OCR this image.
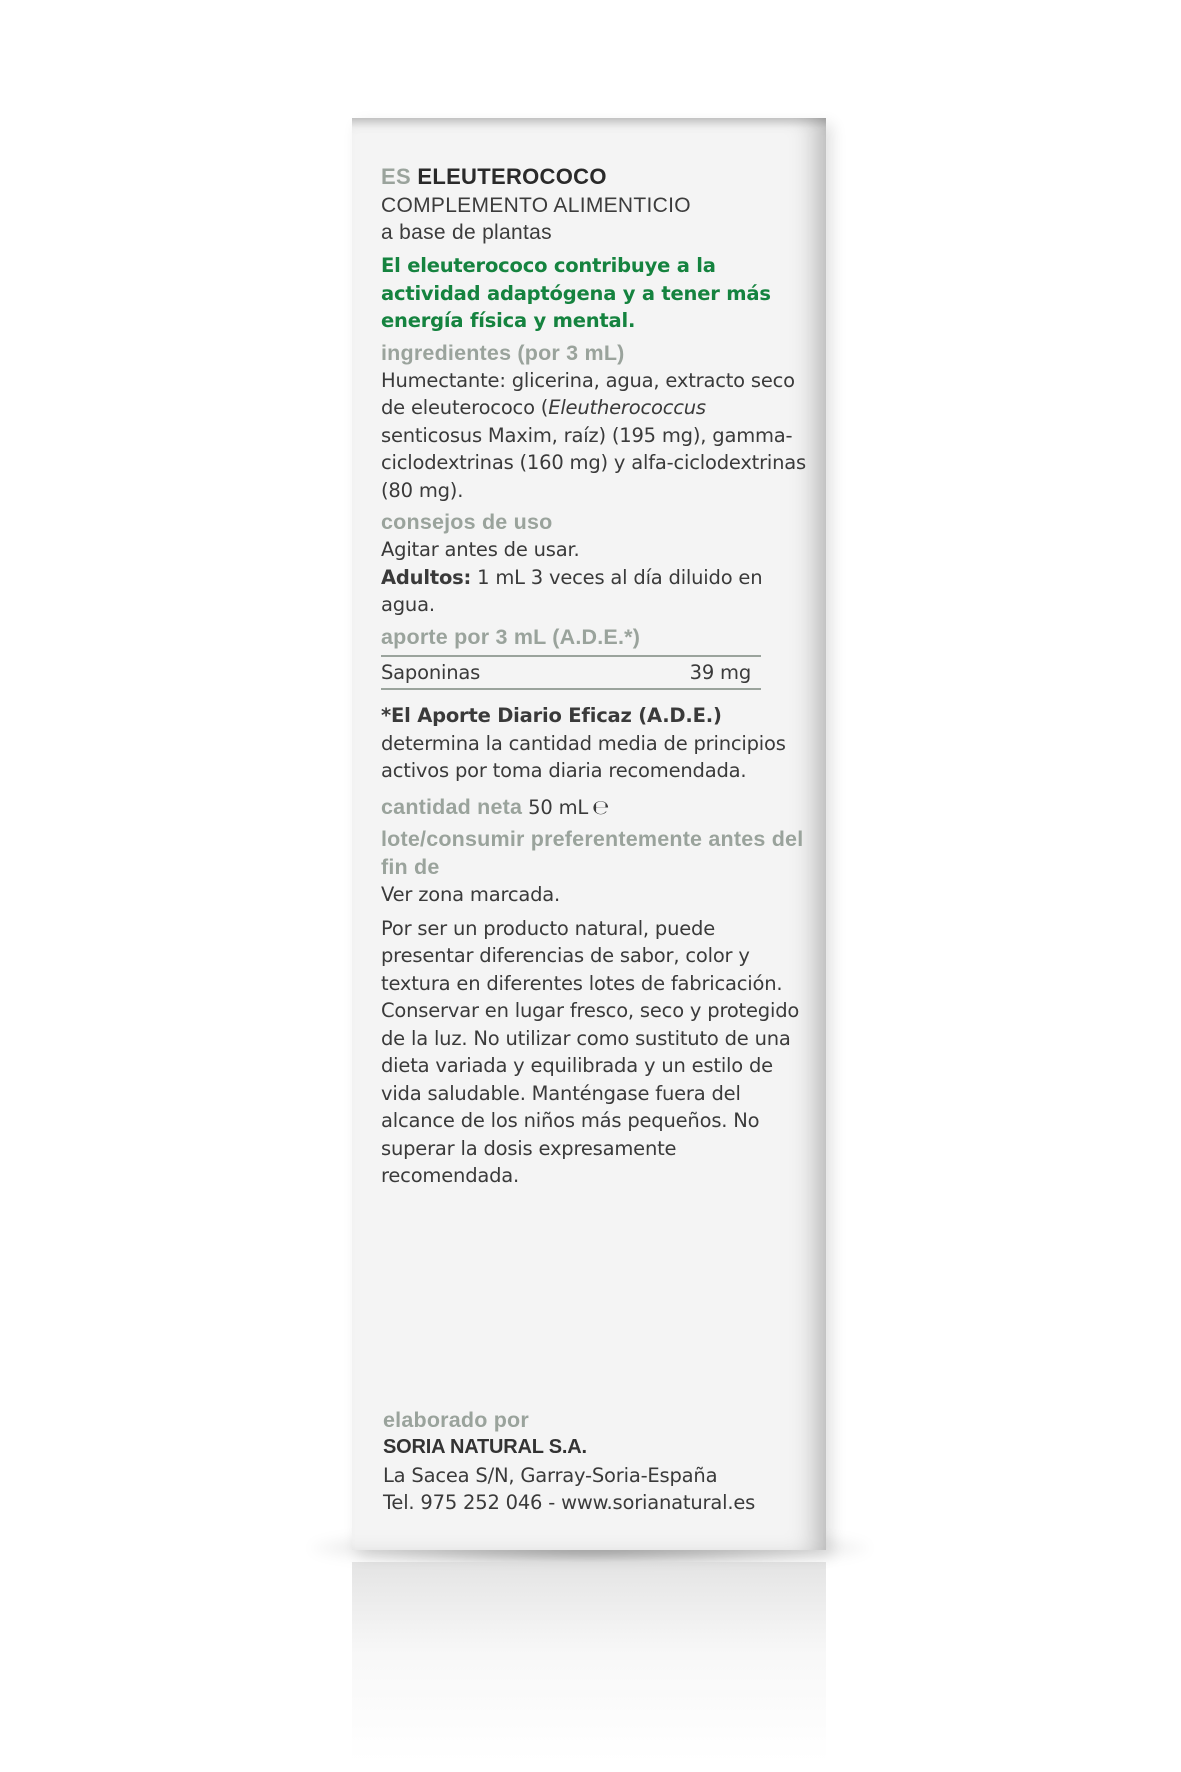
ES ELEUTEROCOCO

COMPLEMENTO ALIMENTICIO

a base de plantas

El eleuterococo contribuye a la actividad adaptógena y a tener más energía física y mental.

ingredientes (por 3 mL)

Humectante: glicerina, agua, extracto seco de eleuterococo (Eleutherococcus senticosus Maxim, raíz) (195 mg), gamma-ciclodextrinas (160 mg) y alfa-ciclodextrinas (80 mg).

consejos de uso

Agitar antes de usar.

Adultos: 1 mL 3 veces al día diluido en agua.

aporte por 3 mL (A.D.E.*)

Saponinas	39 mg

*El Aporte Diario Eficaz (A.D.E.)
determina la cantidad media de principios activos por toma diaria recomendada.

cantidad neta 50 mL ℮

lote/consumir preferentemente antes del fin de

Ver zona marcada.

Por ser un producto natural, puede presentar diferencias de sabor, color y textura en diferentes lotes de fabricación. Conservar en lugar fresco, seco y protegido de la luz. No utilizar como sustituto de una dieta variada y equilibrada y un estilo de vida saludable. Manténgase fuera del alcance de los niños más pequeños. No superar la dosis expresamente recomendada.

elaborado por

SORIA NATURAL S.A.

La Sacea S/N, Garray-Soria-España

Tel. 975 252 046 - www.sorianatural.es
